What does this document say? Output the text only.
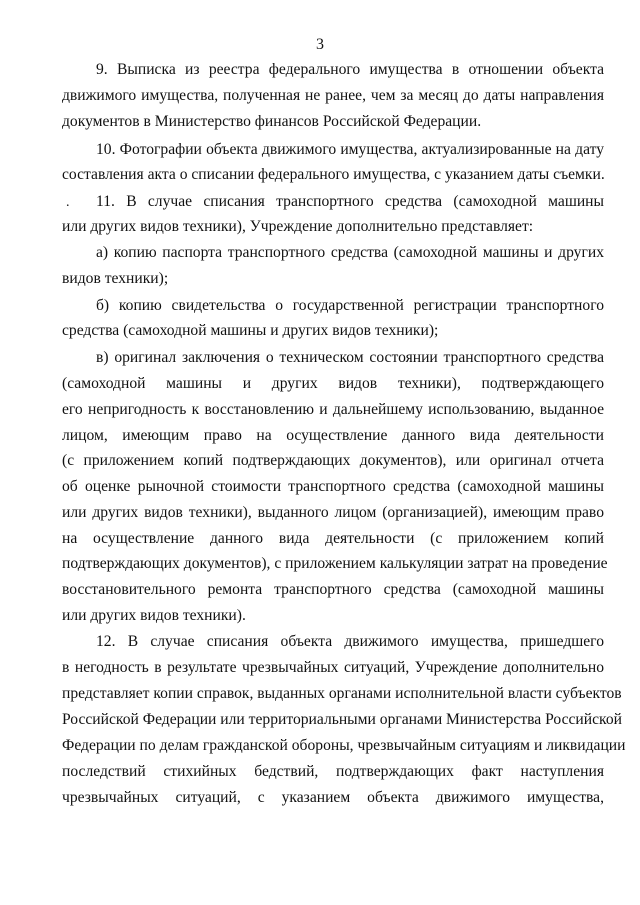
3
.
9. Выписка из реестра федерального имущества в отношении объекта
движимого имущества, полученная не ранее, чем за месяц до даты направления
документов в Министерство финансов Российской Федерации.
10. Фотографии объекта движимого имущества, актуализированные на дату
составления акта о списании федерального имущества, с указанием даты съемки.
11. В случае списания транспортного средства (самоходной машины
или других видов техники), Учреждение дополнительно представляет:
а) копию паспорта транспортного средства (самоходной машины и других
видов техники);
б) копию свидетельства о государственной регистрации транспортного
средства (самоходной машины и других видов техники);
в) оригинал заключения о техническом состоянии транспортного средства
(самоходной машины и других видов техники), подтверждающего
его непригодность к восстановлению и дальнейшему использованию, выданное
лицом, имеющим право на осуществление данного вида деятельности
(с приложением копий подтверждающих документов), или оригинал отчета
об оценке рыночной стоимости транспортного средства (самоходной машины
или других видов техники), выданного лицом (организацией), имеющим право
на осуществление данного вида деятельности (с приложением копий
подтверждающих документов), с приложением калькуляции затрат на проведение
восстановительного ремонта транспортного средства (самоходной машины
или других видов техники).
12. В случае списания объекта движимого имущества, пришедшего
в негодность в результате чрезвычайных ситуаций, Учреждение дополнительно
представляет копии справок, выданных органами исполнительной власти субъектов
Российской Федерации или территориальными органами Министерства Российской
Федерации по делам гражданской обороны, чрезвычайным ситуациям и ликвидации
последствий стихийных бедствий, подтверждающих факт наступления
чрезвычайных ситуаций, с указанием объекта движимого имущества,
